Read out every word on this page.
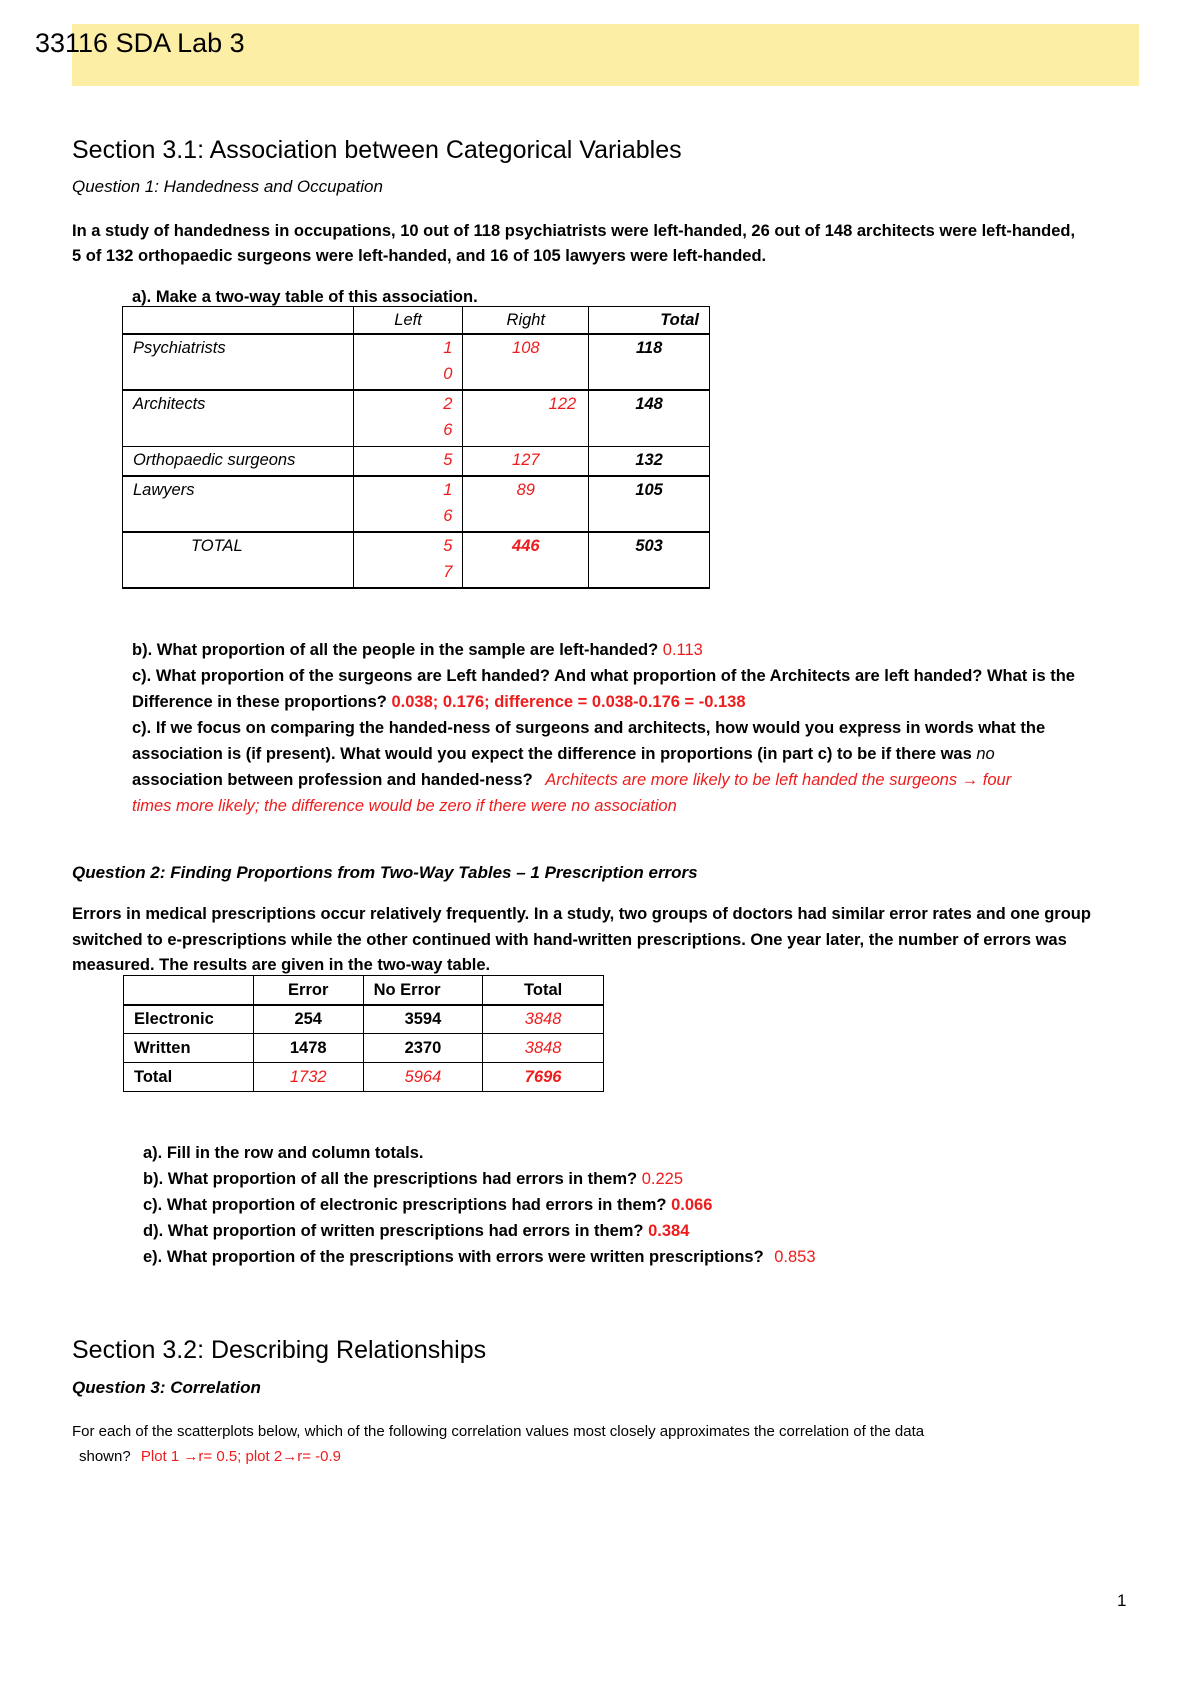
33116 SDA Lab 3
Section 3.1: Association between Categorical Variables
Question 1: Handedness and Occupation
In a study of handedness in occupations, 10 out of 118 psychiatrists were left-handed, 26 out of 148 architects were left-handed,
5 of 132 orthopaedic surgeons were left-handed, and 16 of 105 lawyers were left-handed.
a). Make a two-way table of this association.
	Left	Right	Total
Psychiatrists	10	108	118
Architects	26	122	148
Orthopaedic surgeons	5	127	132
Lawyers	16	89	105
TOTAL	57	446	503
b). What proportion of all the people in the sample are left-handed? 0.113
c). What proportion of the surgeons are Left handed? And what proportion of the Architects are left handed? What is the
Difference in these proportions? 0.038; 0.176; difference = 0.038-0.176 = -0.138
c). If we focus on comparing the handed-ness of surgeons and architects, how would you express in words what the
association is (if present). What would you expect the difference in proportions (in part c) to be if there was no
association between profession and handed-ness? Architects are more likely to be left handed the surgeons → four
times more likely; the difference would be zero if there were no association
Question 2: Finding Proportions from Two-Way Tables – 1 Prescription errors
Errors in medical prescriptions occur relatively frequently. In a study, two groups of doctors had similar error rates and one group
switched to e-prescriptions while the other continued with hand-written prescriptions. One year later, the number of errors was
measured. The results are given in the two-way table.
	Error	No Error	Total
Electronic	254	3594	3848
Written	1478	2370	3848
Total	1732	5964	7696
a). Fill in the row and column totals.
b). What proportion of all the prescriptions had errors in them? 0.225
c). What proportion of electronic prescriptions had errors in them? 0.066
d). What proportion of written prescriptions had errors in them? 0.384
e). What proportion of the prescriptions with errors were written prescriptions? 0.853
Section 3.2: Describing Relationships
Question 3: Correlation
For each of the scatterplots below, which of the following correlation values most closely approximates the correlation of the data
shown? Plot 1 →r= 0.5; plot 2→r= -0.9
1
